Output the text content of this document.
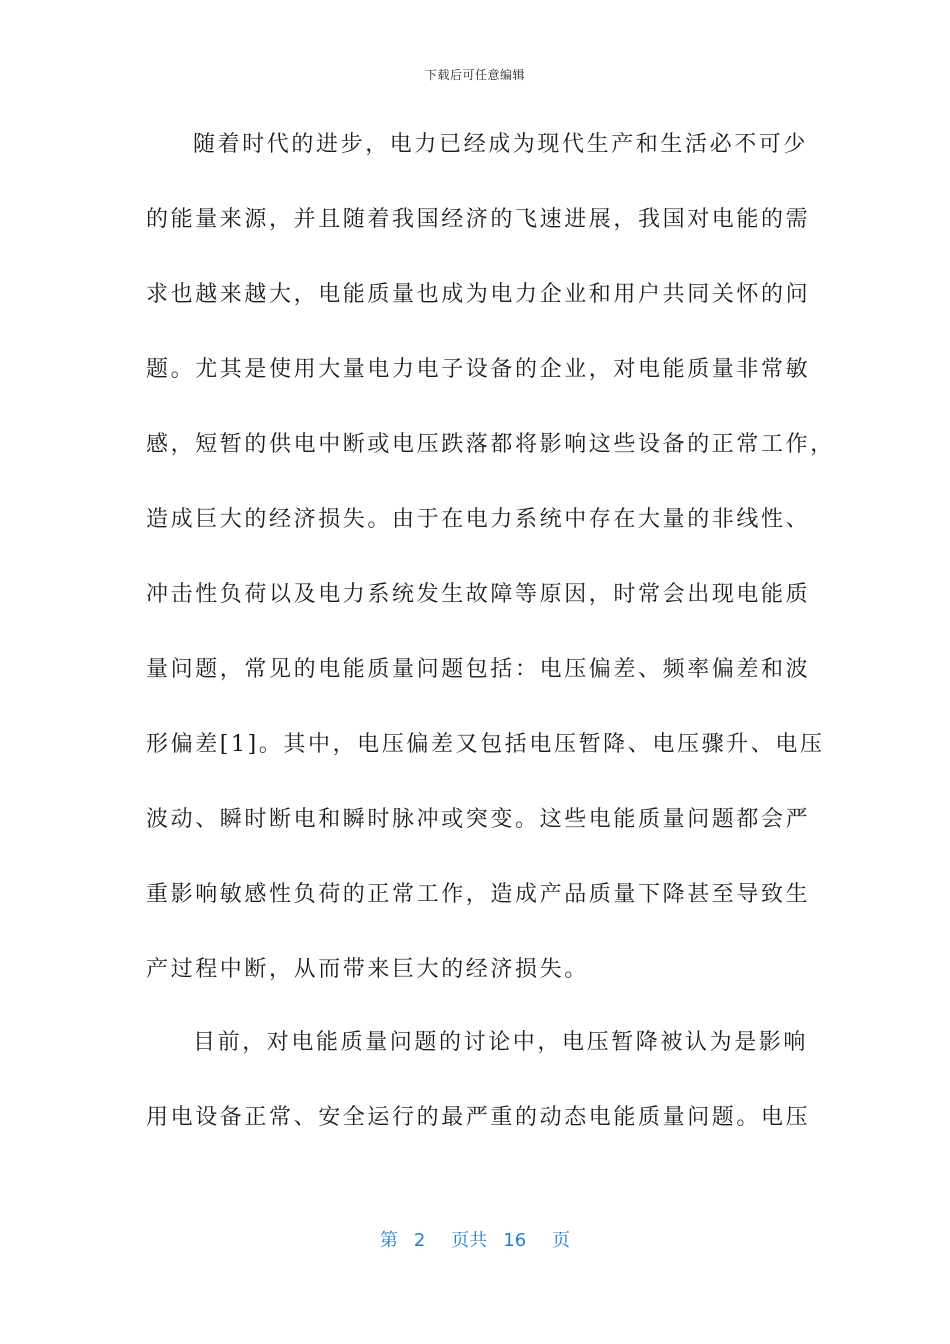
下载后可任意编辑
随着时代的进步，电力已经成为现代生产和生活必不可少
的能量来源，并且随着我国经济的飞速进展，我国对电能的需
求也越来越大，电能质量也成为电力企业和用户共同关怀的问
题。尤其是使用大量电力电子设备的企业，对电能质量非常敏
感，短暂的供电中断或电压跌落都将影响这些设备的正常工作，
造成巨大的经济损失。由于在电力系统中存在大量的非线性、
冲击性负荷以及电力系统发生故障等原因，时常会出现电能质
量问题，常见的电能质量问题包括：电压偏差、频率偏差和波
形偏差[1]。其中，电压偏差又包括电压暂降、电压骤升、电压
波动、瞬时断电和瞬时脉冲或突变。这些电能质量问题都会严
重影响敏感性负荷的正常工作，造成产品质量下降甚至导致生
产过程中断，从而带来巨大的经济损失。
目前，对电能质量问题的讨论中，电压暂降被认为是影响
用电设备正常、安全运行的最严重的动态电能质量问题。电压
第 2 页共 16 页
